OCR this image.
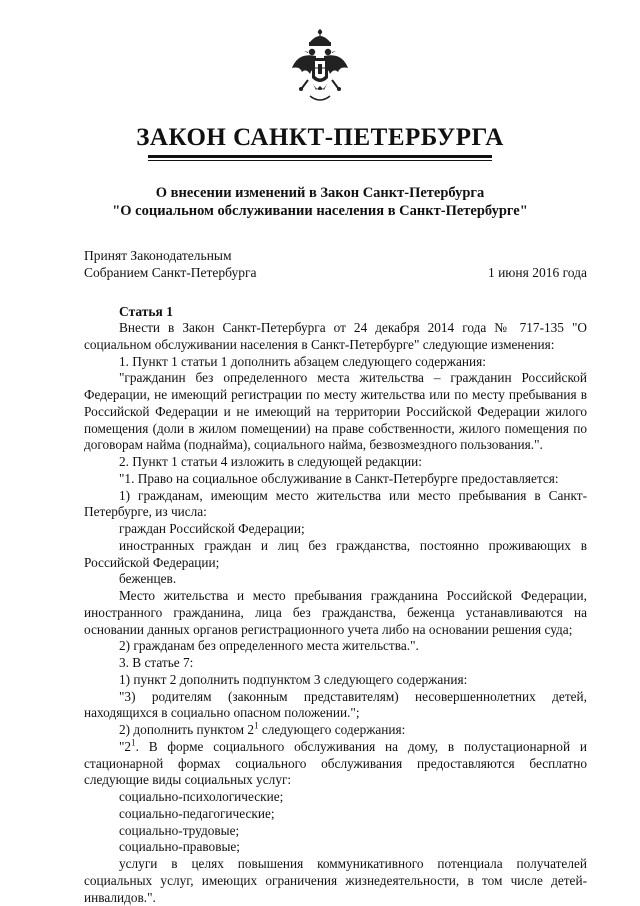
ЗАКОН САНКТ-ПЕТЕРБУРГА
О внесении изменений в Закон Санкт-Петербурга
"О социальном обслуживании населения в Санкт-Петербурге"
Принят Законодательным
Собранием Санкт-Петербурга	1 июня 2016 года
Статья 1

Внести в Закон Санкт-Петербурга от 24 декабря 2014 года № 717-135 "О социальном обслуживании населения в Санкт-Петербурге" следующие изменения:

1. Пункт 1 статьи 1 дополнить абзацем следующего содержания:

"гражданин без определенного места жительства – гражданин Российской Федерации, не имеющий регистрации по месту жительства или по месту пребывания в Российской Федерации и не имеющий на территории Российской Федерации жилого помещения (доли в жилом помещении) на праве собственности, жилого помещения по договорам найма (поднайма), социального найма, безвозмездного пользования.".

2. Пункт 1 статьи 4 изложить в следующей редакции:

"1. Право на социальное обслуживание в Санкт-Петербурге предоставляется:

1) гражданам, имеющим место жительства или место пребывания в Санкт-Петербурге, из числа:

граждан Российской Федерации;

иностранных граждан и лиц без гражданства, постоянно проживающих в Российской Федерации;

беженцев.

Место жительства и место пребывания гражданина Российской Федерации, иностранного гражданина, лица без гражданства, беженца устанавливаются на основании данных органов регистрационного учета либо на основании решения суда;

2) гражданам без определенного места жительства.".

3. В статье 7:

1) пункт 2 дополнить подпунктом 3 следующего содержания:

"3) родителям (законным представителям) несовершеннолетних детей, находящихся в социально опасном положении.";

2) дополнить пунктом $2^1$ следующего содержания:

"$2^1$. В форме социального обслуживания на дому, в полустационарной и стационарной формах социального обслуживания предоставляются бесплатно следующие виды социальных услуг:

социально-психологические;

социально-педагогические;

социально-трудовые;

социально-правовые;

услуги в целях повышения коммуникативного потенциала получателей социальных услуг, имеющих ограничения жизнедеятельности, в том числе детей-инвалидов.".
